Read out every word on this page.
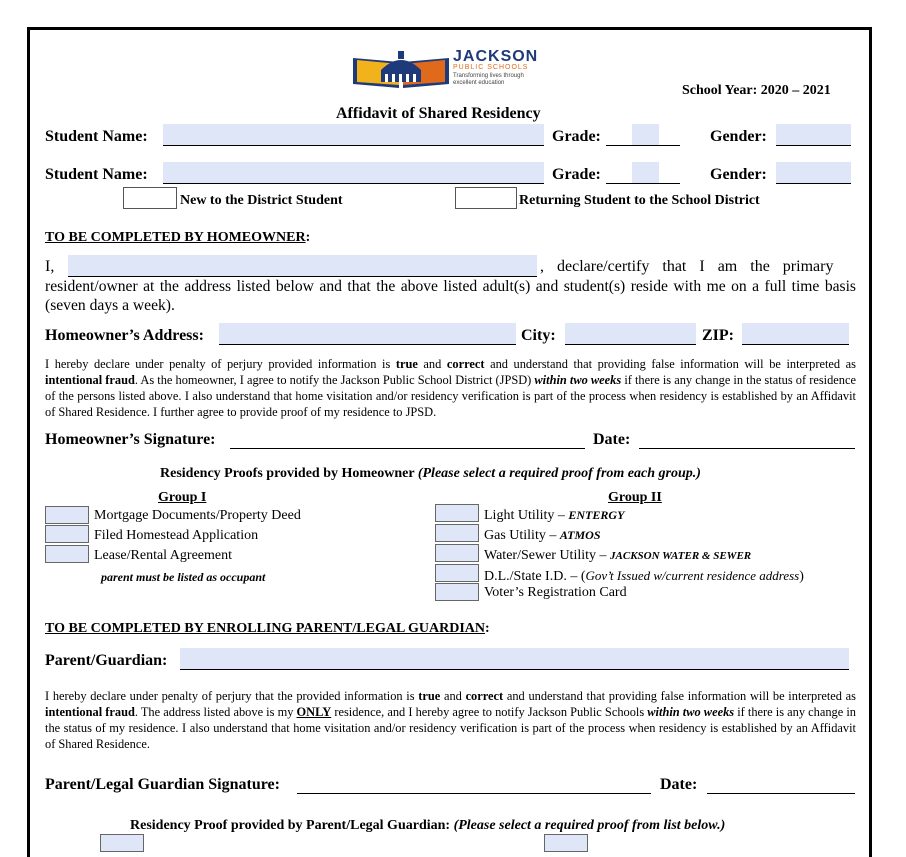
JACKSON
PUBLIC SCHOOLS
Transforming lives through
excellent education	School Year: 2020 – 2021
Affidavit of Shared Residency
Student Name:	Grade:	Gender:
Student Name:	Grade:	Gender:
New to the District Student	Returning Student to the School District
TO BE COMPLETED BY HOMEOWNER:
I,	, declare/certify that I am the primary
resident/owner at the address listed below and that the above listed adult(s) and student(s) reside with me on a full time basis (seven days a week).
Homeowner’s Address:	City:	ZIP:
I hereby declare under penalty of perjury provided information is true and correct and understand that providing false information will be interpreted as intentional fraud. As the homeowner, I agree to notify the Jackson Public School District (JPSD) within two weeks if there is any change in the status of residence of the persons listed above. I also understand that home visitation and/or residency verification is part of the process when residency is established by an Affidavit of Shared Residence. I further agree to provide proof of my residence to JPSD.
Homeowner’s Signature:	Date:
Residency Proofs provided by Homeowner (Please select a required proof from each group.)
Group I
Mortgage Documents/Property Deed
Filed Homestead Application
Lease/Rental Agreement
parent must be listed as occupant
Group II
Light Utility – ENTERGY
Gas Utility – ATMOS
Water/Sewer Utility – JACKSON WATER & SEWER
D.L./State I.D. – (Gov’t Issued w/current residence address)
Voter’s Registration Card
TO BE COMPLETED BY ENROLLING PARENT/LEGAL GUARDIAN:
Parent/Guardian:
I hereby declare under penalty of perjury that the provided information is true and correct and understand that providing false information will be interpreted as intentional fraud. The address listed above is my ONLY residence, and I hereby agree to notify Jackson Public Schools within two weeks if there is any change in the status of my residence. I also understand that home visitation and/or residency verification is part of the process when residency is established by an Affidavit of Shared Residence.
Parent/Legal Guardian Signature:	Date:
Residency Proof provided by Parent/Legal Guardian: (Please select a required proof from list below.)
